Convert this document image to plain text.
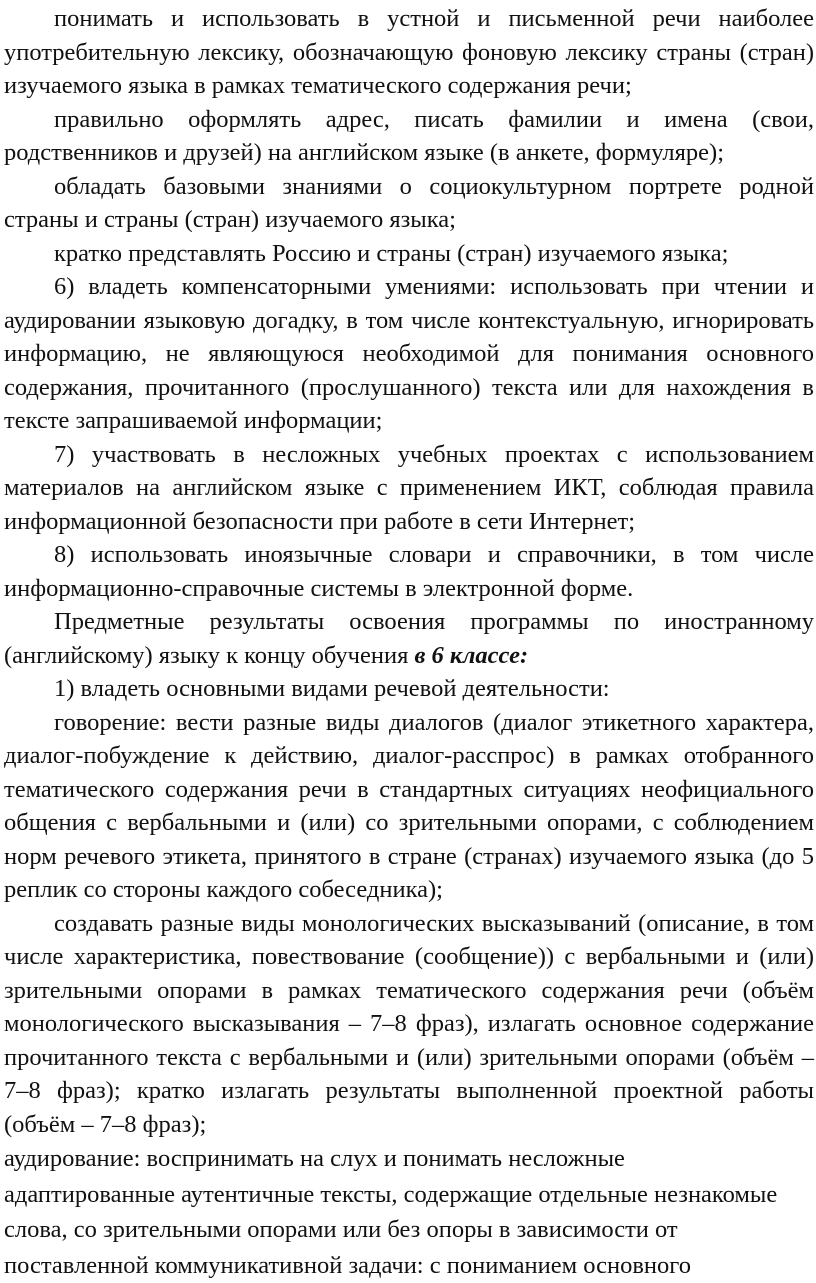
понимать и использовать в устной и письменной речи наиболее употребительную лексику, обозначающую фоновую лексику страны (стран) изучаемого языка в рамках тематического содержания речи;

правильно оформлять адрес, писать фамилии и имена (свои, родственников и друзей) на английском языке (в анкете, формуляре);

обладать базовыми знаниями о социокультурном портрете родной страны и страны (стран) изучаемого языка;

кратко представлять Россию и страны (стран) изучаемого языка;

6) владеть компенсаторными умениями: использовать при чтении и аудировании языковую догадку, в том числе контекстуальную, игнорировать информацию, не являющуюся необходимой для понимания основного содержания, прочитанного (прослушанного) текста или для нахождения в тексте запрашиваемой информации;

7) участвовать в несложных учебных проектах с использованием материалов на английском языке с применением ИКТ, соблюдая правила информационной безопасности при работе в сети Интернет;

8) использовать иноязычные словари и справочники, в том числе информационно-справочные системы в электронной форме.

Предметные результаты освоения программы по иностранному (английскому) языку к концу обучения в 6 классе:

1) владеть основными видами речевой деятельности:

говорение: вести разные виды диалогов (диалог этикетного характера, диалог-побуждение к действию, диалог-расспрос) в рамках отобранного тематического содержания речи в стандартных ситуациях неофициального общения с вербальными и (или) со зрительными опорами, с соблюдением норм речевого этикета, принятого в стране (странах) изучаемого языка (до 5 реплик со стороны каждого собеседника);

создавать разные виды монологических высказываний (описание, в том числе характеристика, повествование (сообщение)) с вербальными и (или) зрительными опорами в рамках тематического содержания речи (объём монологического высказывания – 7–8 фраз), излагать основное содержание прочитанного текста с вербальными и (или) зрительными опорами (объём – 7–8 фраз); кратко излагать результаты выполненной проектной работы (объём – 7–8 фраз);

аудирование: воспринимать на слух и понимать несложные

адаптированные аутентичные тексты, содержащие отдельные незнакомые

слова, со зрительными опорами или без опоры в зависимости от

поставленной коммуникативной задачи: с пониманием основного
